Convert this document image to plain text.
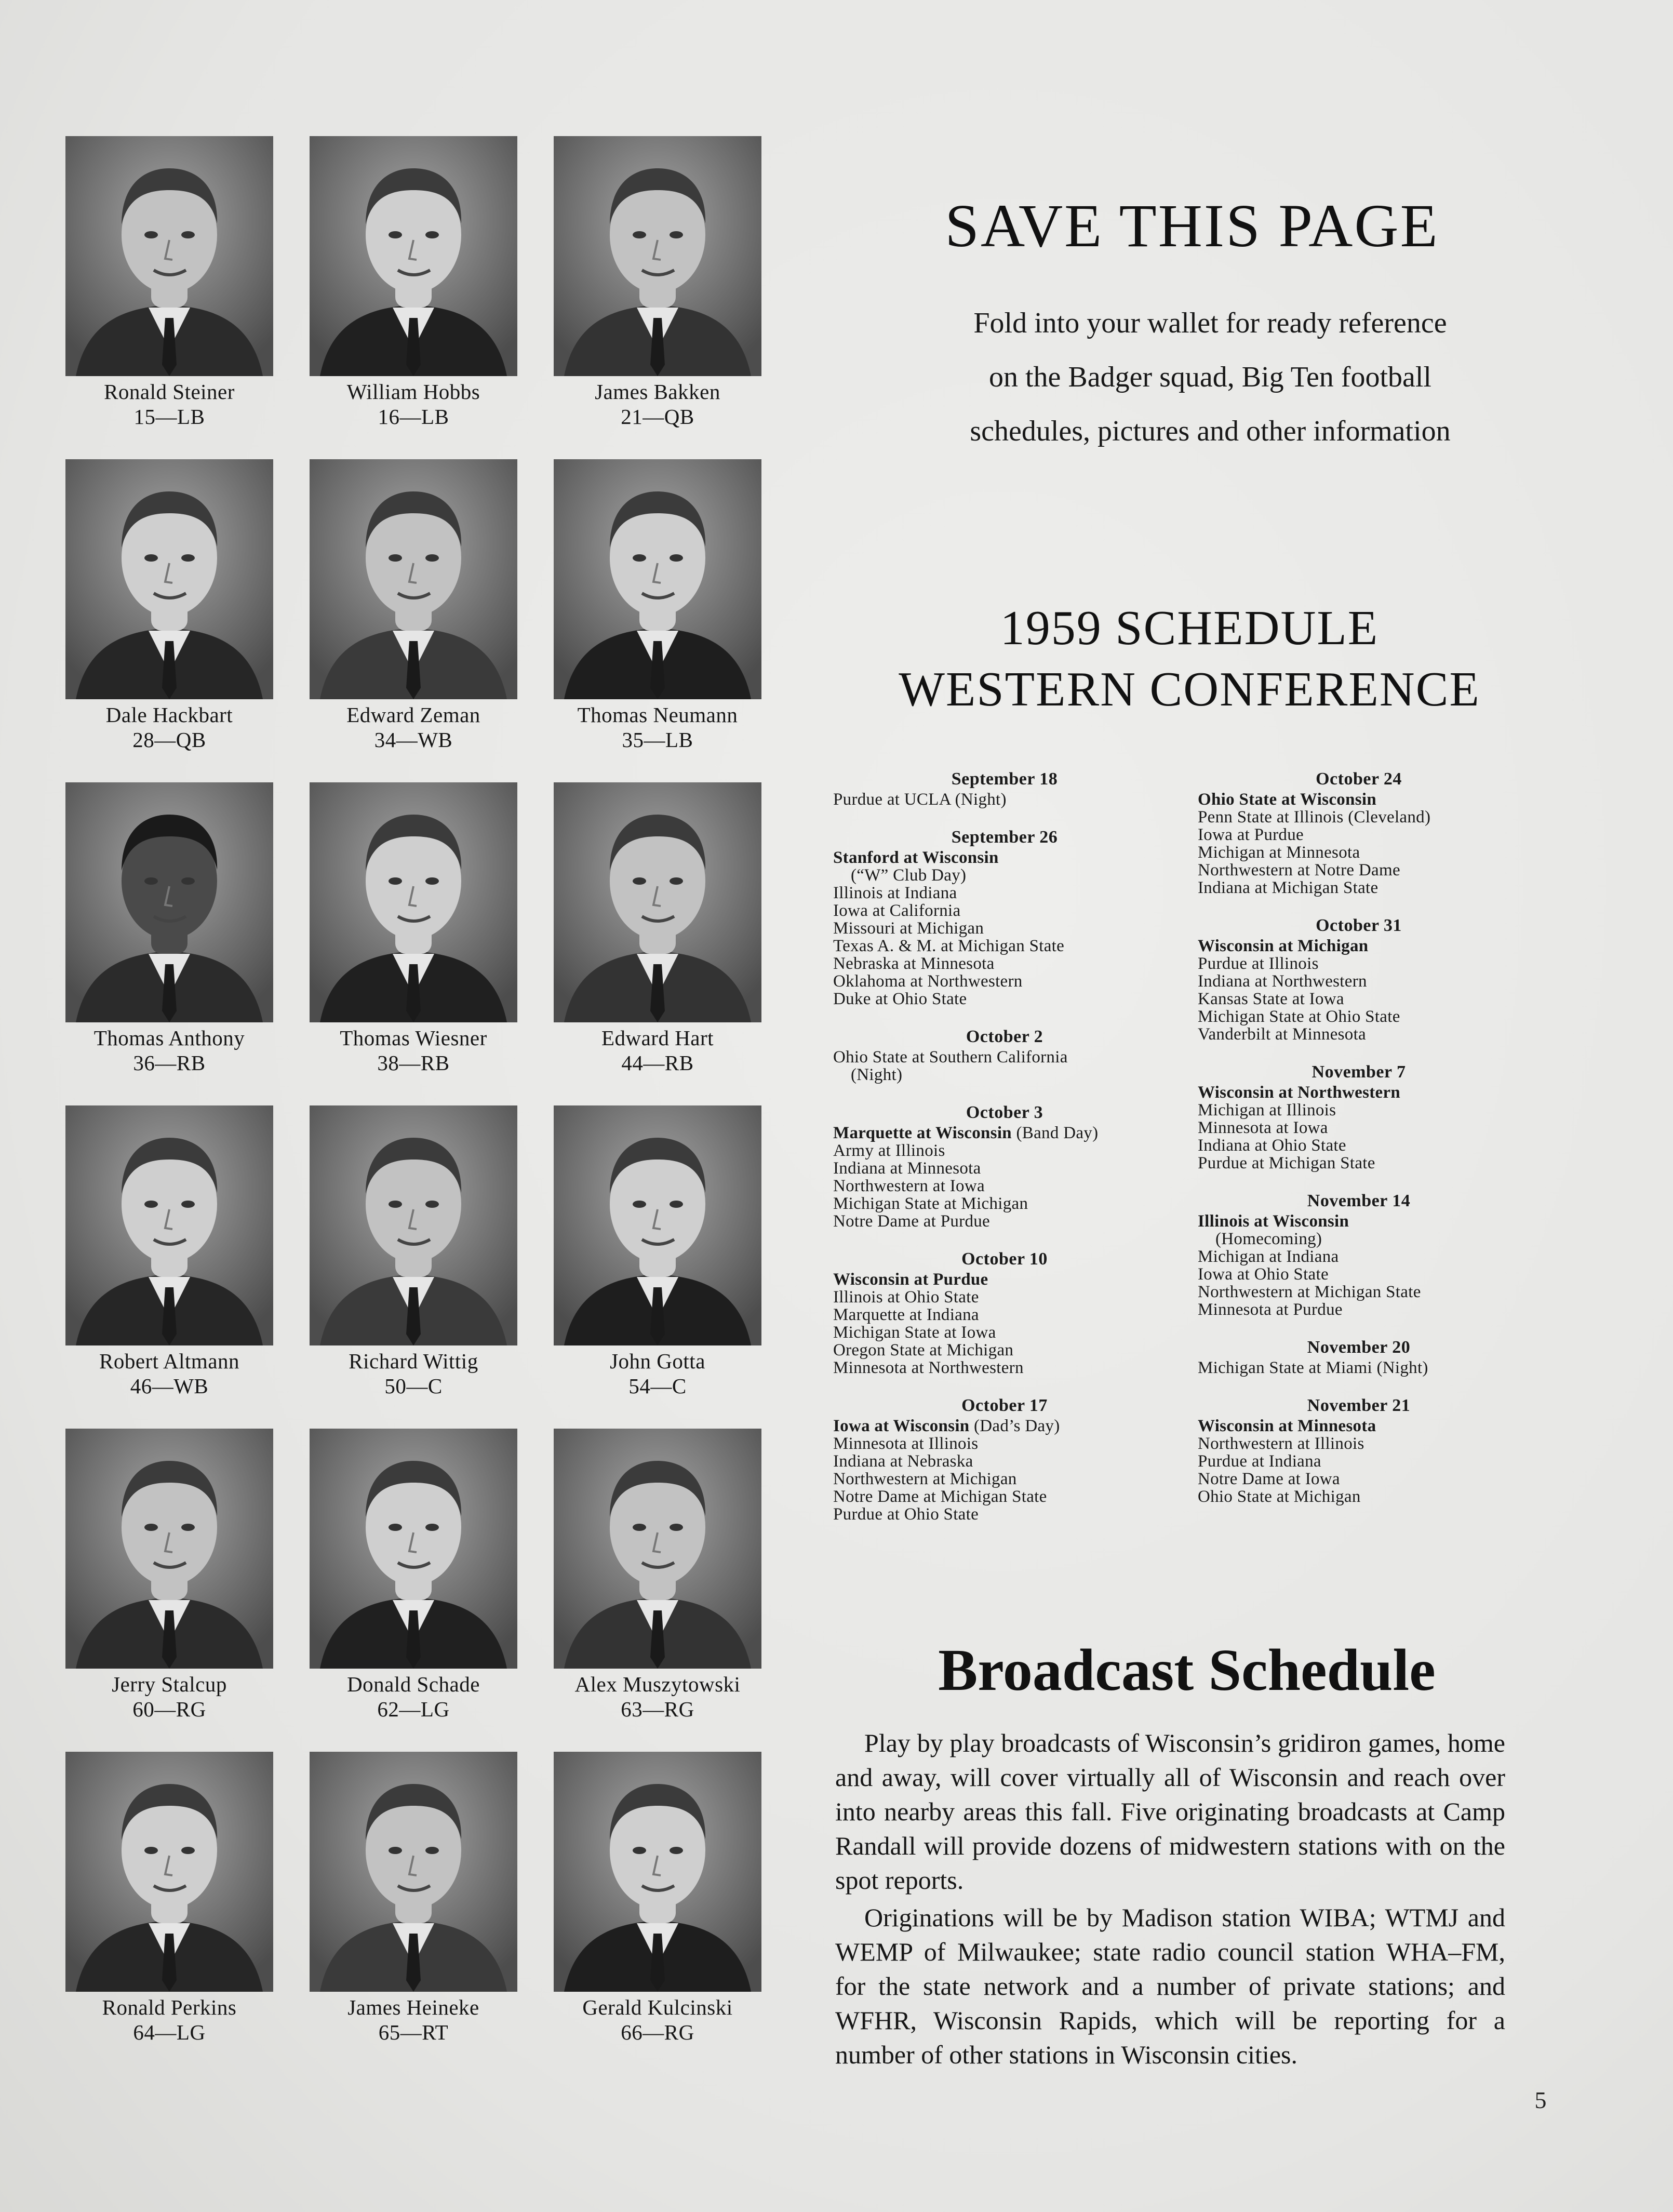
Ronald Steiner
15—LB
William Hobbs
16—LB
James Bakken
21—QB
Dale Hackbart
28—QB
Edward Zeman
34—WB
Thomas Neumann
35—LB
Thomas Anthony
36—RB
Thomas Wiesner
38—RB
Edward Hart
44—RB
Robert Altmann
46—WB
Richard Wittig
50—C
John Gotta
54—C
Jerry Stalcup
60—RG
Donald Schade
62—LG
Alex Muszytowski
63—RG
Ronald Perkins
64—LG
James Heineke
65—RT
Gerald Kulcinski
66—RG
SAVE THIS PAGE
Fold into your wallet for ready reference
on the Badger squad, Big Ten football
schedules, pictures and other information
1959 SCHEDULE
WESTERN CONFERENCE
September 18
Purdue at UCLA (Night)
September 26
Stanford at Wisconsin
(“W” Club Day)
Illinois at Indiana
Iowa at California
Missouri at Michigan
Texas A. & M. at Michigan State
Nebraska at Minnesota
Oklahoma at Northwestern
Duke at Ohio State
October 2
Ohio State at Southern California
(Night)
October 3
Marquette at Wisconsin (Band Day)
Army at Illinois
Indiana at Minnesota
Northwestern at Iowa
Michigan State at Michigan
Notre Dame at Purdue
October 10
Wisconsin at Purdue
Illinois at Ohio State
Marquette at Indiana
Michigan State at Iowa
Oregon State at Michigan
Minnesota at Northwestern
October 17
Iowa at Wisconsin (Dad’s Day)
Minnesota at Illinois
Indiana at Nebraska
Northwestern at Michigan
Notre Dame at Michigan State
Purdue at Ohio State
October 24
Ohio State at Wisconsin
Penn State at Illinois (Cleveland)
Iowa at Purdue
Michigan at Minnesota
Northwestern at Notre Dame
Indiana at Michigan State
October 31
Wisconsin at Michigan
Purdue at Illinois
Indiana at Northwestern
Kansas State at Iowa
Michigan State at Ohio State
Vanderbilt at Minnesota
November 7
Wisconsin at Northwestern
Michigan at Illinois
Minnesota at Iowa
Indiana at Ohio State
Purdue at Michigan State
November 14
Illinois at Wisconsin
(Homecoming)
Michigan at Indiana
Iowa at Ohio State
Northwestern at Michigan State
Minnesota at Purdue
November 20
Michigan State at Miami (Night)
November 21
Wisconsin at Minnesota
Northwestern at Illinois
Purdue at Indiana
Notre Dame at Iowa
Ohio State at Michigan
Broadcast Schedule

Play by play broadcasts of Wisconsin’s gridiron games, home and away, will cover virtually all of Wisconsin and reach over into nearby areas this fall. Five originating broadcasts at Camp Randall will provide dozens of midwestern stations with on the spot reports.

Originations will be by Madison station WIBA; WTMJ and WEMP of Milwaukee; state radio council station WHA–FM, for the state network and a number of private stations; and WFHR, Wisconsin Rapids, which will be reporting for a number of other stations in Wisconsin cities.

5
